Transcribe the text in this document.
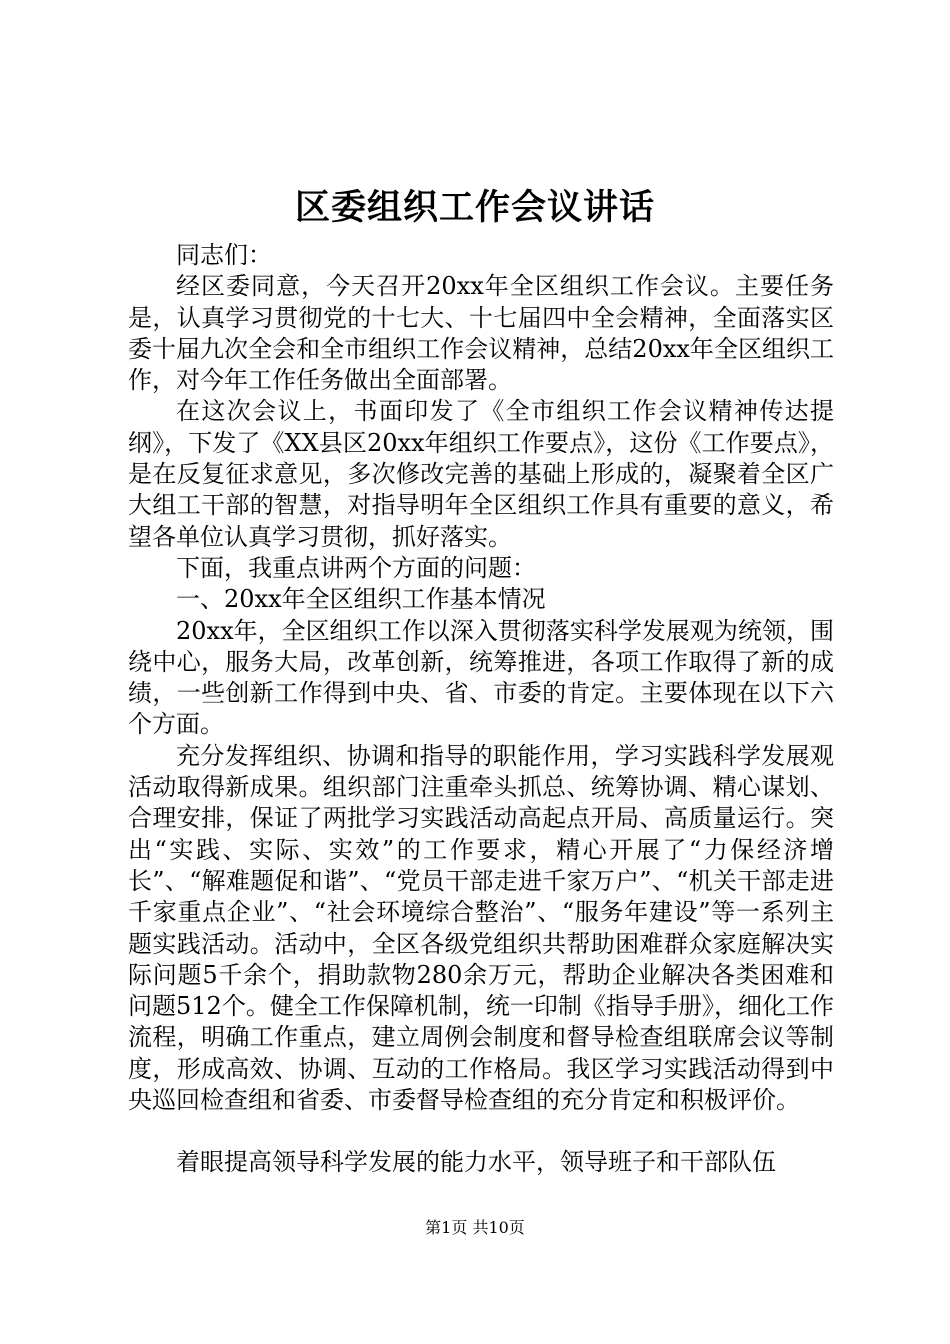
区委组织工作会议讲话

同志们：

经区委同意，今天召开20xx年全区组织工作会议。主要任务是，认真学习贯彻党的十七大、十七届四中全会精神，全面落实区委十届九次全会和全市组织工作会议精神，总结20xx年全区组织工作，对今年工作任务做出全面部署。

在这次会议上，书面印发了《全市组织工作会议精神传达提纲》，下发了《XX县区20xx年组织工作要点》，这份《工作要点》，是在反复征求意见，多次修改完善的基础上形成的，凝聚着全区广大组工干部的智慧，对指导明年全区组织工作具有重要的意义，希望各单位认真学习贯彻，抓好落实。

下面，我重点讲两个方面的问题：

一、20xx年全区组织工作基本情况

20xx年，全区组织工作以深入贯彻落实科学发展观为统领，围绕中心，服务大局，改革创新，统筹推进，各项工作取得了新的成绩，一些创新工作得到中央、省、市委的肯定。主要体现在以下六个方面。

充分发挥组织、协调和指导的职能作用，学习实践科学发展观活动取得新成果。组织部门注重牵头抓总、统筹协调、精心谋划、合理安排，保证了两批学习实践活动高起点开局、高质量运行。突出“实践、实际、实效”的工作要求，精心开展了“力保经济增长”、“解难题促和谐”、“党员干部走进千家万户”、“机关干部走进千家重点企业”、“社会环境综合整治”、“服务年建设”等一系列主题实践活动。活动中，全区各级党组织共帮助困难群众家庭解决实际问题5千余个，捐助款物280余万元，帮助企业解决各类困难和问题512个。健全工作保障机制，统一印制《指导手册》，细化工作流程，明确工作重点，建立周例会制度和督导检查组联席会议等制度，形成高效、协调、互动的工作格局。我区学习实践活动得到中央巡回检查组和省委、市委督导检查组的充分肯定和积极评价。

着眼提高领导科学发展的能力水平，领导班子和干部队伍

第1页 共10页
